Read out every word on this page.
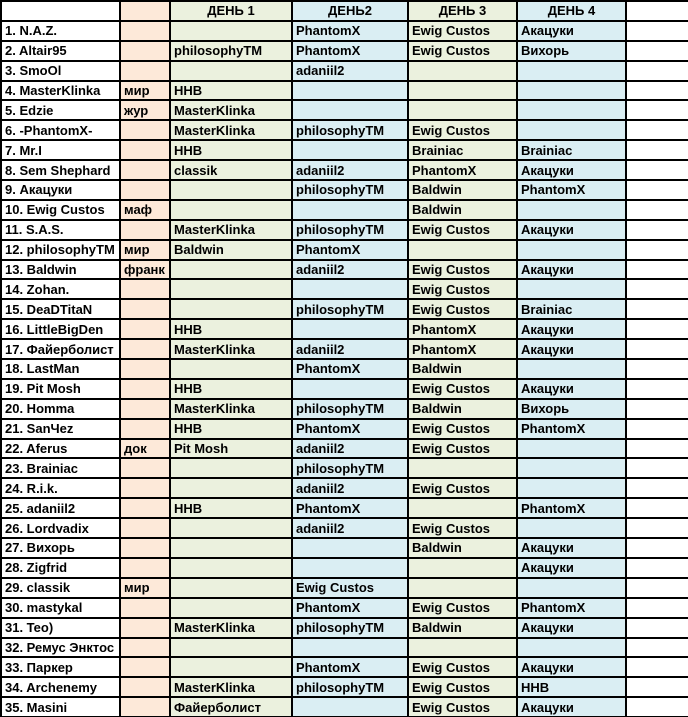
		ДЕНЬ 1	ДЕНЬ2	ДЕНЬ 3	ДЕНЬ 4	
1. N.A.Z.			PhantomX	Ewig Custos	Акацуки	
2. Altair95		philosophyTM	PhantomX	Ewig Custos	Вихорь	
3. SmoOl			adaniil2			
4. MasterKlinka	мир	ННВ				
5. Edzie	жур	MasterKlinka				
6. -PhantomX-		MasterKlinka	philosophyTM	Ewig Custos		
7. Mr.I		ННВ		Brainiac	Brainiac	
8. Sem Shephard		classik	adaniil2	PhantomX	Акацуки	
9. Акацуки			philosophyTM	Baldwin	PhantomX	
10. Ewig Custos	маф			Baldwin		
11. S.A.S.		MasterKlinka	philosophyTM	Ewig Custos	Акацуки	
12. philosophyTM	мир	Baldwin	PhantomX			
13. Baldwin	франк		adaniil2	Ewig Custos	Акацуки	
14. Zohan.				Ewig Custos		
15. DeaDTitaN			philosophyTM	Ewig Custos	Brainiac	
16. LittleBigDen		ННВ		PhantomX	Акацуки	
17. Файерболист		MasterKlinka	adaniil2	PhantomX	Акацуки	
18. LastMan			PhantomX	Baldwin		
19. Pit Mosh		ННВ		Ewig Custos	Акацуки	
20. Homma		MasterKlinka	philosophyTM	Baldwin	Вихорь	
21. SanЧez		ННВ	PhantomX	Ewig Custos	PhantomX	
22. Aferus	док	Pit Mosh	adaniil2	Ewig Custos		
23. Brainiac			philosophyTM			
24. R.i.k.			adaniil2	Ewig Custos		
25. adaniil2		ННВ	PhantomX		PhantomX	
26. Lordvadix			adaniil2	Ewig Custos		
27. Вихорь				Baldwin	Акацуки	
28. Zigfrid					Акацуки	
29. classik	мир		Ewig Custos			
30. mastykal			PhantomX	Ewig Custos	PhantomX	
31. Teo)		MasterKlinka	philosophyTM	Baldwin	Акацуки	
32. Ремус Энктос						
33. Паркер			PhantomX	Ewig Custos	Акацуки	
34. Archenemy		MasterKlinka	philosophyTM	Ewig Custos	ННВ	
35. Masini		Файерболист		Ewig Custos	Акацуки	
